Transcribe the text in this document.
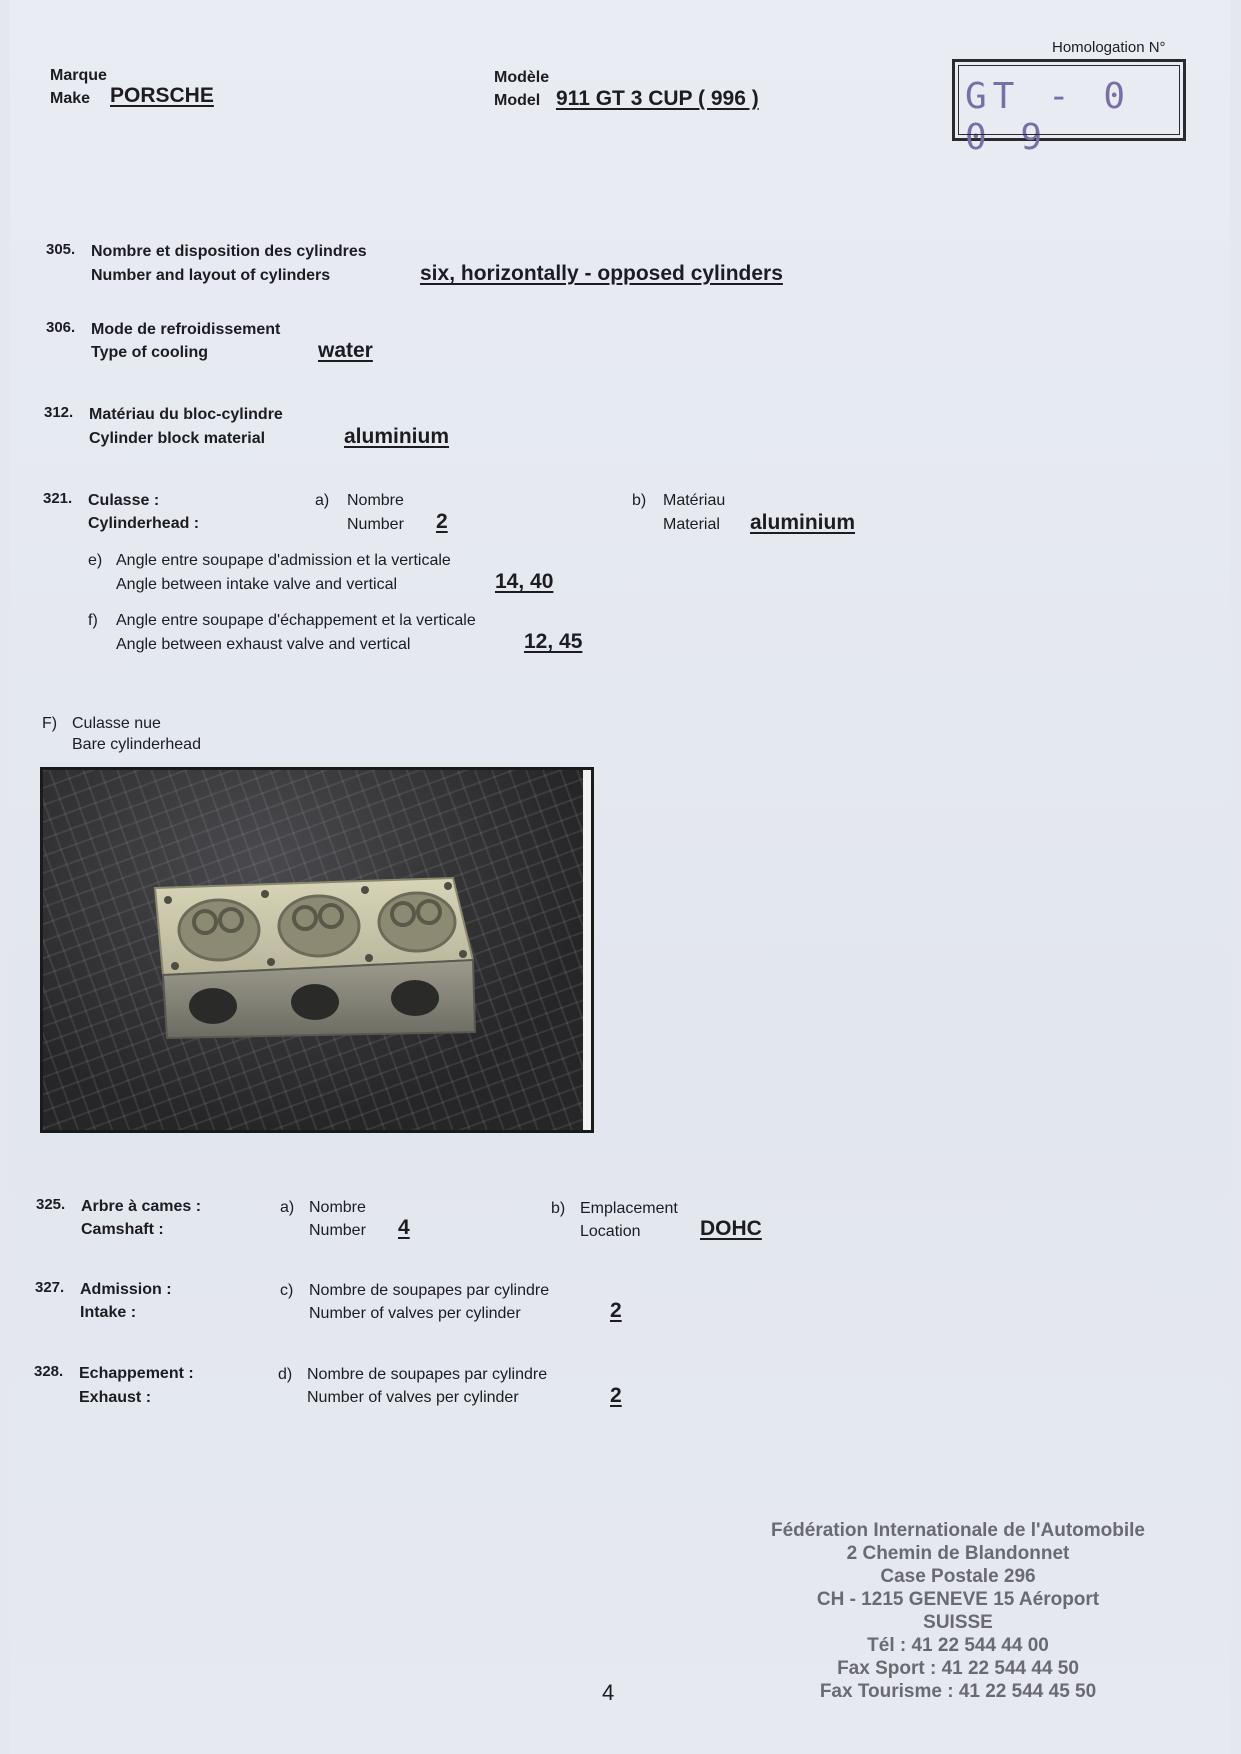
Marque
Make PORSCHE
Modèle
Model 911 GT 3 CUP ( 996 )
Homologation N°
GT - 0 0 9
305. Nombre et disposition des cylindres
Number and layout of cylinders	six, horizontally - opposed cylinders
306. Mode de refroidissement
Type of cooling	water
312. Matériau du bloc-cylindre
Cylinder block material	aluminium
321. Culasse :
Cylinderhead :
a) Nombre
Number 2
b) Matériau
Material aluminium
e) Angle entre soupape d'admission et la verticale
Angle between intake valve and vertical	14, 40
f) Angle entre soupape d'échappement et la verticale
Angle between exhaust valve and vertical	12, 45
F) Culasse nue
Bare cylinderhead
325. Arbre à cames :
Camshaft :
a) Nombre
Number 4
b) Emplacement
Location	DOHC
327. Admission :
Intake :
c) Nombre de soupapes par cylindre
Number of valves per cylinder	2
328. Echappement :
Exhaust :
d) Nombre de soupapes par cylindre
Number of valves per cylinder	2
Fédération Internationale de l'Automobile
2 Chemin de Blandonnet
Case Postale 296
CH - 1215 GENEVE 15 Aéroport
SUISSE
Tél : 41 22 544 44 00
Fax Sport : 41 22 544 44 50
Fax Tourisme : 41 22 544 45 50
4
